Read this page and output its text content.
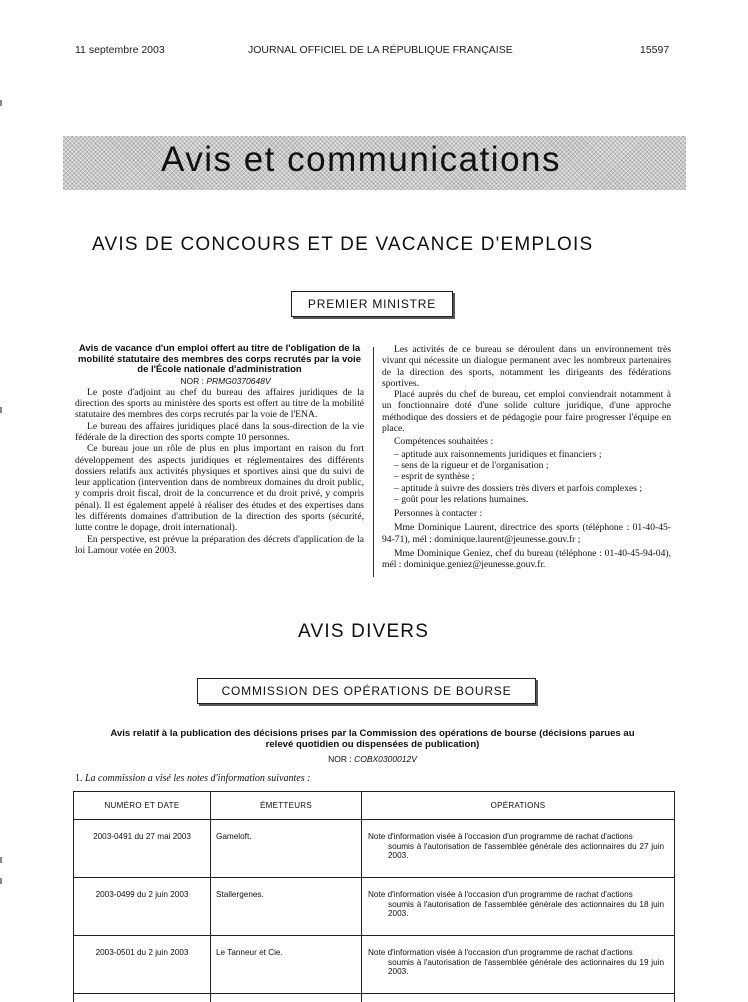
11 septembre 2003	JOURNAL OFFICIEL DE LA RÉPUBLIQUE FRANÇAISE	15597
Avis et communications
AVIS DE CONCOURS ET DE VACANCE D'EMPLOIS
PREMIER MINISTRE

Avis de vacance d'un emploi offert au titre de l'obligation de la mobilité statutaire des membres des corps recrutés par la voie de l'École nationale d'administration

NOR : PRMG0370648V

Le poste d'adjoint au chef du bureau des affaires juridiques de la direction des sports au ministère des sports est offert au titre de la mobilité statutaire des membres des corps recrutés par la voie de l'ENA.

Le bureau des affaires juridiques placé dans la sous-direction de la vie fédérale de la direction des sports compte 10 personnes.

Ce bureau joue un rôle de plus en plus important en raison du fort développement des aspects juridiques et réglementaires des différents dossiers relatifs aux activités physiques et sportives ainsi que du suivi de leur application (intervention dans de nombreux domaines du droit public, y compris droit fiscal, droit de la concurrence et du droit privé, y compris pénal). Il est également appelé à réaliser des études et des expertises dans les différents domaines d'attribution de la direction des sports (sécurité, lutte contre le dopage, droit international).

En perspective, est prévue la préparation des décrets d'application de la loi Lamour votée en 2003.

Les activités de ce bureau se déroulent dans un environnement très vivant qui nécessite un dialogue permanent avec les nombreux partenaires de la direction des sports, notamment les dirigeants des fédérations sportives.

Placé auprès du chef de bureau, cet emploi conviendrait notamment à un fonctionnaire doté d'une solide culture juridique, d'une approche méthodique des dossiers et de pédagogie pour faire progresser l'équipe en place.

Compétences souhaitées :

– aptitude aux raisonnements juridiques et financiers ;

– sens de la rigueur et de l'organisation ;

– esprit de synthèse ;

– aptitude à suivre des dossiers très divers et parfois complexes ;

– goût pour les relations humaines.

Personnes à contacter :

Mme Dominique Laurent, directrice des sports (téléphone : 01-40-45-94-71), mél : dominique.laurent@jeunesse.gouv.fr ;

Mme Dominique Geniez, chef du bureau (téléphone : 01-40-45-94-04), mél : dominique.geniez@jeunesse.gouv.fr.

AVIS DIVERS
COMMISSION DES OPÉRATIONS DE BOURSE
Avis relatif à la publication des décisions prises par la Commission des opérations de bourse (décisions parues au relevé quotidien ou dispensées de publication)
NOR : COBX0300012V
1. La commission a visé les notes d'information suivantes :
NUMÉRO ET DATE	ÉMETTEURS	OPÉRATIONS
2003-0491 du 27 mai 2003	Gameloft.	Note d'information visée à l'occasion d'un programme de rachat d'actions
soumis à l'autorisation de l'assemblée générale des actionnaires du 27 juin 2003.

2003-0499 du 2 juin 2003	Stallergenes.	Note d'information visée à l'occasion d'un programme de rachat d'actions
soumis à l'autorisation de l'assemblée générale des actionnaires du 18 juin 2003.

2003-0501 du 2 juin 2003	Le Tanneur et Cie.	Note d'information visée à l'occasion d'un programme de rachat d'actions
soumis à l'autorisation de l'assemblée générale des actionnaires du 19 juin 2003.
